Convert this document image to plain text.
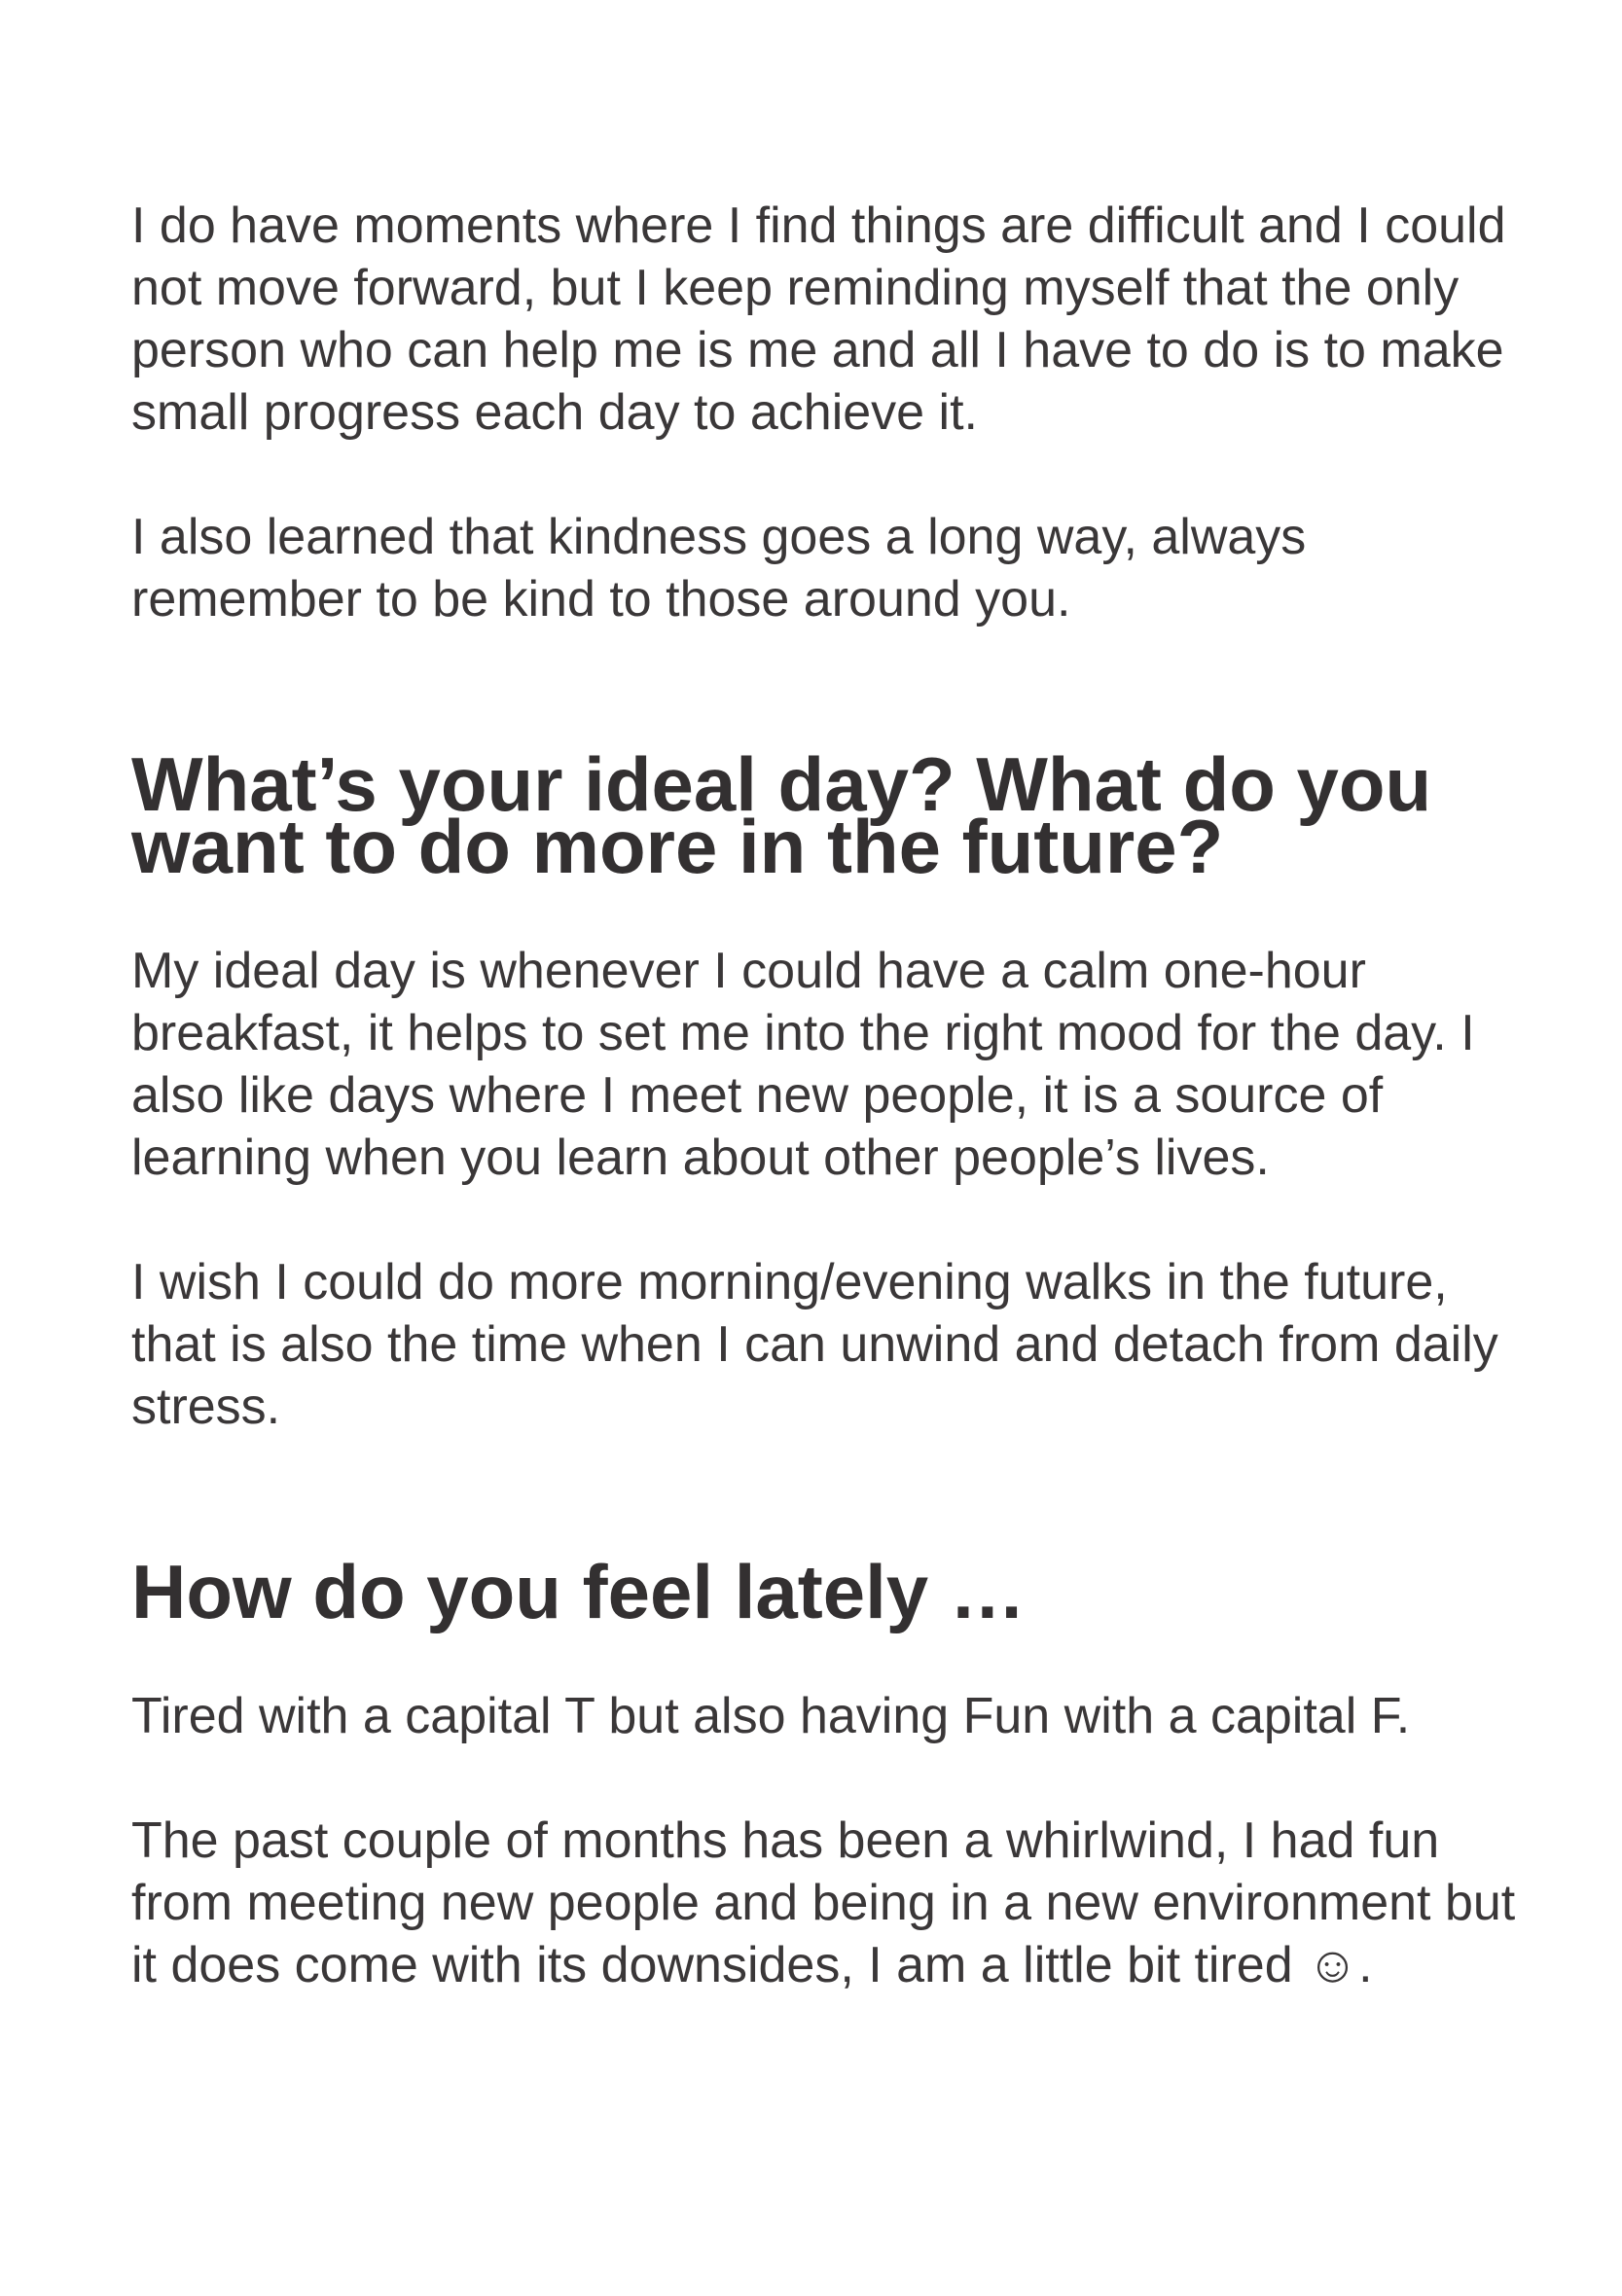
I do have moments where I find things are difficult and I could not move forward, but I keep reminding myself that the only person who can help me is me and all I have to do is to make small progress each day to achieve it.

I also learned that kindness goes a long way, always remember to be kind to those around you.

What’s your ideal day? What do you want to do more in the future?

My ideal day is whenever I could have a calm one-hour breakfast, it helps to set me into the right mood for the day. I also like days where I meet new people, it is a source of learning when you learn about other people’s lives.

I wish I could do more morning/evening walks in the future, that is also the time when I can unwind and detach from daily stress.

How do you feel lately …

Tired with a capital T but also having Fun with a capital F.

The past couple of months has been a whirlwind, I had fun from meeting new people and being in a new environment but it does come with its downsides, I am a little bit tired ☺.
